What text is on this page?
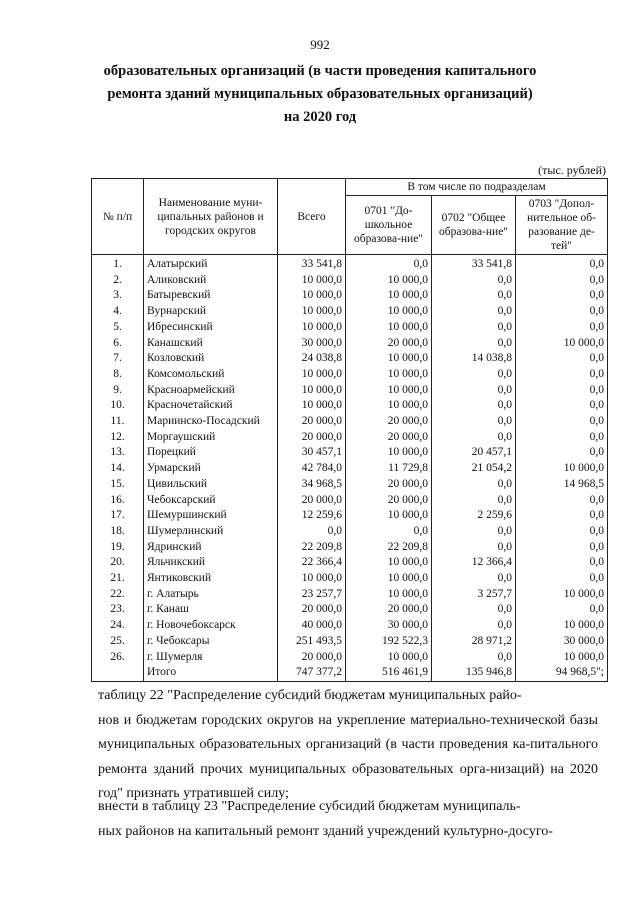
992
образовательных организаций (в части проведения капитального
ремонта зданий муниципальных образовательных организаций)
на 2020 год
(тыс. рублей)
№ п/п	Наименование муни-ципальных районов и городских округов	Всего	В том числе по подразделам		
			0701 "До-школьное образова-ние"	0702 "Общее образова-ние"	0703 "Допол-нительное об-разование де-тей"
1.	Алатырский	33 541,8	0,0	33 541,8	0,0
2.	Аликовский	10 000,0	10 000,0	0,0	0,0
3.	Батыревский	10 000,0	10 000,0	0,0	0,0
4.	Вурнарский	10 000,0	10 000,0	0,0	0,0
5.	Ибресинский	10 000,0	10 000,0	0,0	0,0
6.	Канашский	30 000,0	20 000,0	0,0	10 000,0
7.	Козловский	24 038,8	10 000,0	14 038,8	0,0
8.	Комсомольский	10 000,0	10 000,0	0,0	0,0
9.	Красноармейский	10 000,0	10 000,0	0,0	0,0
10.	Красночетайский	10 000,0	10 000,0	0,0	0,0
11.	Мариинско-Посадский	20 000,0	20 000,0	0,0	0,0
12.	Моргаушский	20 000,0	20 000,0	0,0	0,0
13.	Порецкий	30 457,1	10 000,0	20 457,1	0,0
14.	Урмарский	42 784,0	11 729,8	21 054,2	10 000,0
15.	Цивильский	34 968,5	20 000,0	0,0	14 968,5
16.	Чебоксарский	20 000,0	20 000,0	0,0	0,0
17.	Шемуршинский	12 259,6	10 000,0	2 259,6	0,0
18.	Шумерлинский	0,0	0,0	0,0	0,0
19.	Ядринский	22 209,8	22 209,8	0,0	0,0
20.	Яльчикский	22 366,4	10 000,0	12 366,4	0,0
21.	Янтиковский	10 000,0	10 000,0	0,0	0,0
22.	г. Алатырь	23 257,7	10 000,0	3 257,7	10 000,0
23.	г. Канаш	20 000,0	20 000,0	0,0	0,0
24.	г. Новочебоксарск	40 000,0	30 000,0	0,0	10 000,0
25.	г. Чебоксары	251 493,5	192 522,3	28 971,2	30 000,0
26.	г. Шумерля	20 000,0	10 000,0	0,0	10 000,0
	Итого	747 377,2	516 461,9	135 946,8	94 968,5";
таблицу 22 "Распределение субсидий бюджетам муниципальных райо-
нов и бюджетам городских округов на укрепление материально-технической базы муниципальных образовательных организаций (в части проведения ка-питального ремонта зданий прочих муниципальных образовательных орга-низаций) на 2020 год" признать утратившей силу;
внести в таблицу 23 "Распределение субсидий бюджетам муниципаль-
ных районов на капитальный ремонт зданий учреждений культурно-досуго-
